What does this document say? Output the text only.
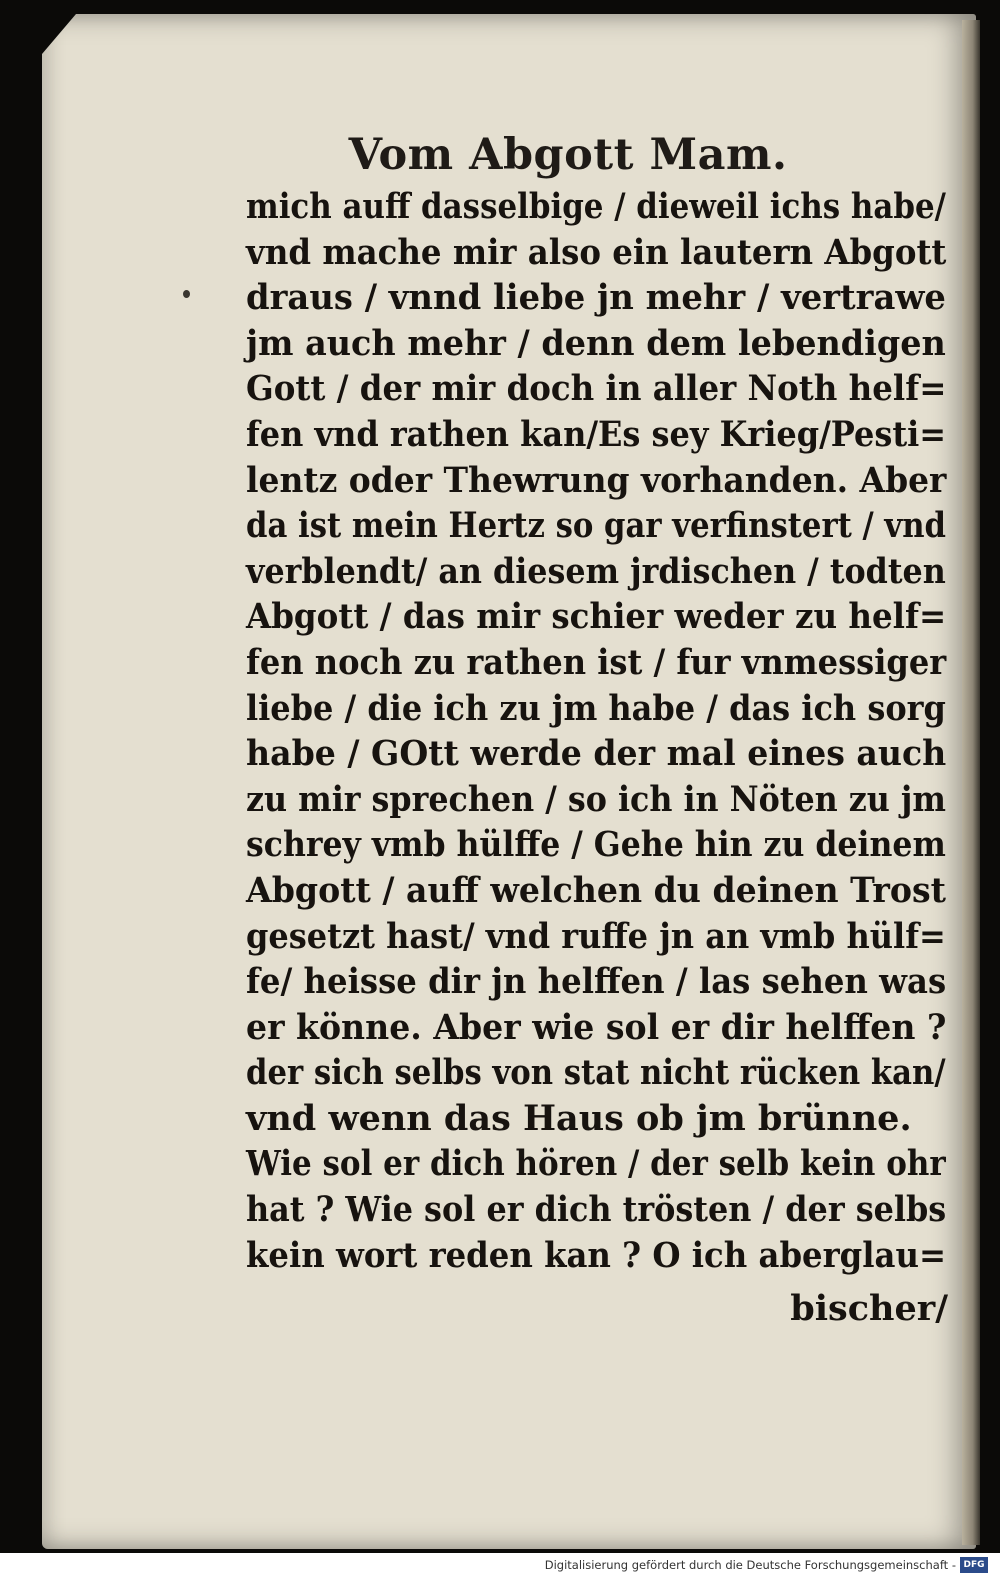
Vom Abgott Mam.
mich auff dasselbige / dieweil ichs habe/
vnd mache mir also ein lautern Abgott
draus / vnnd liebe jn mehr / vertrawe
jm auch mehr / denn dem lebendigen
Gott / der mir doch in aller Noth helf=
fen vnd rathen kan/Es sey Krieg/Pesti=
lentz oder Thewrung vorhanden. Aber
da ist mein Hertz so gar verfinstert / vnd
verblendt/ an diesem jrdischen / todten
Abgott / das mir schier weder zu helf=
fen noch zu rathen ist / fur vnmessiger
liebe / die ich zu jm habe / das ich sorg
habe / GOtt werde der mal eines auch
zu mir sprechen / so ich in Nöten zu jm
schrey vmb hülffe / Gehe hin zu deinem
Abgott / auff welchen du deinen Trost
gesetzt hast/ vnd ruffe jn an vmb hülf=
fe/ heisse dir jn helffen / las sehen was
er könne. Aber wie sol er dir helffen ?
der sich selbs von stat nicht rücken kan/
vnd wenn das Haus ob jm brünne.
Wie sol er dich hören / der selb kein ohr
hat ? Wie sol er dich trösten / der selbs
kein wort reden kan ? O ich aberglau=
bischer/
Digitalisierung gefördert durch die Deutsche Forschungsgemeinschaft - DFG
